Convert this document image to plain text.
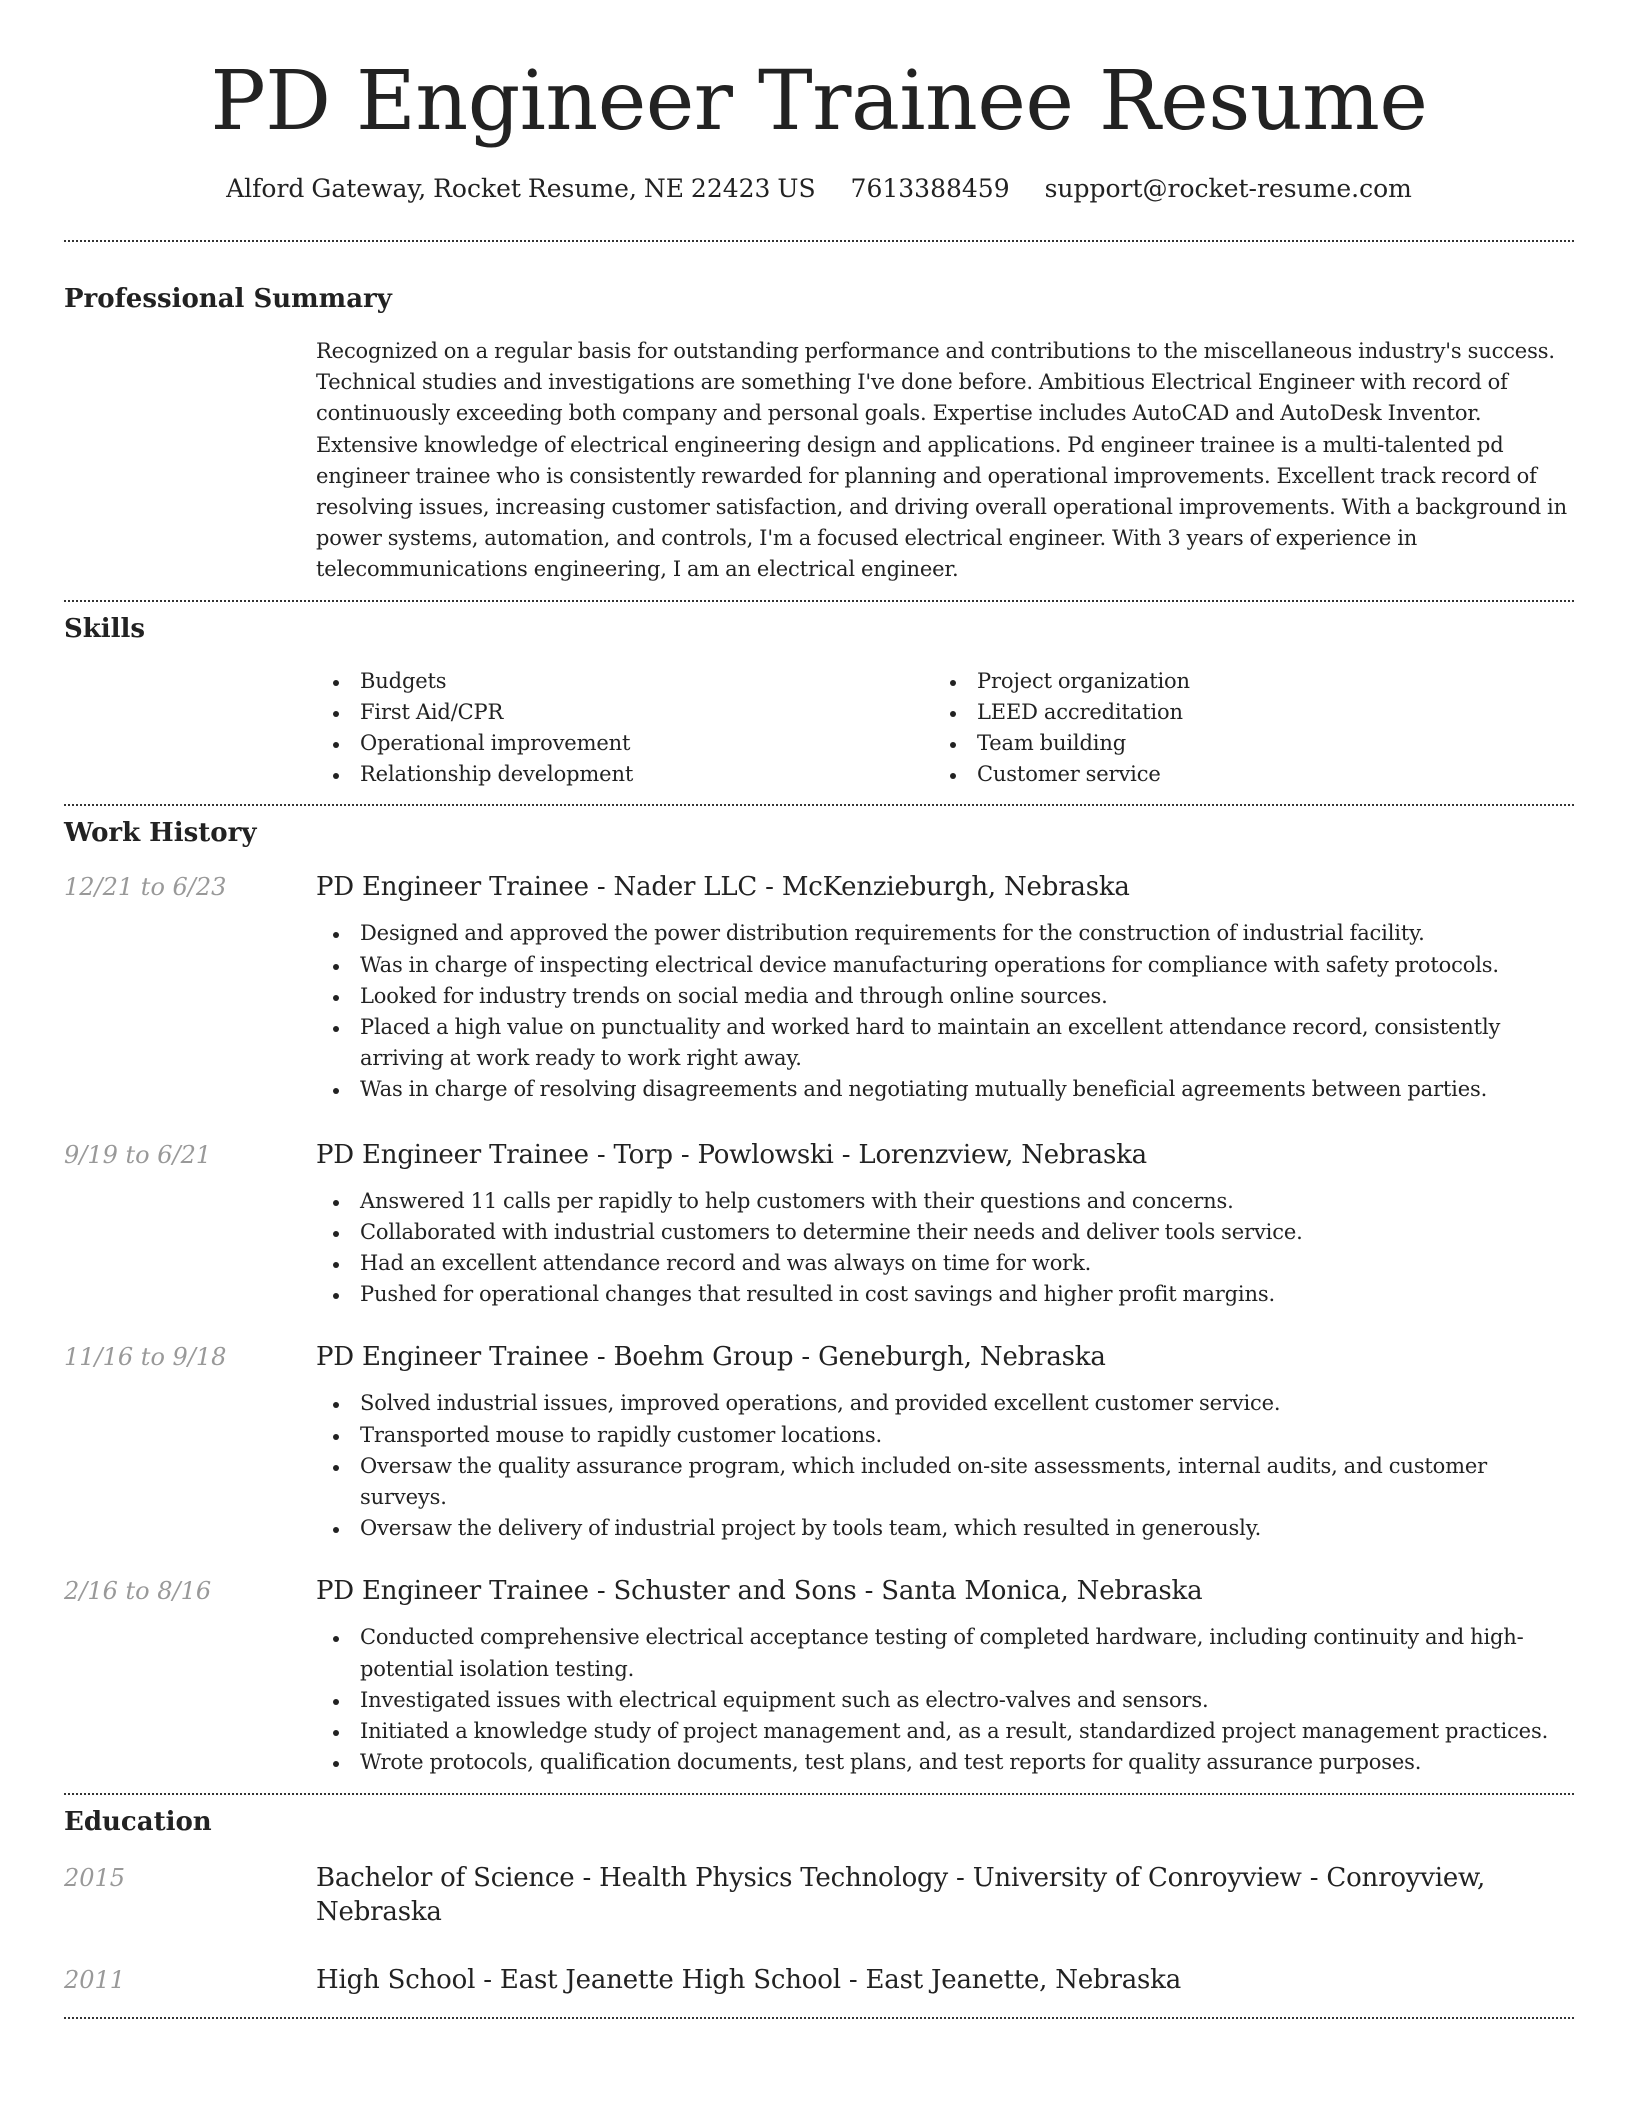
PD Engineer Trainee Resume
Alford Gateway, Rocket Resume, NE 22423 US 7613388459 support@rocket-resume.com
Professional Summary

Recognized on a regular basis for outstanding performance and contributions to the miscellaneous industry's success. Technical studies and investigations are something I've done before. Ambitious Electrical Engineer with record of continuously exceeding both company and personal goals. Expertise includes AutoCAD and AutoDesk Inventor. Extensive knowledge of electrical engineering design and applications. Pd engineer trainee is a multi-talented pd engineer trainee who is consistently rewarded for planning and operational improvements. Excellent track record of resolving issues, increasing customer satisfaction, and driving overall operational improvements. With a background in power systems, automation, and controls, I'm a focused electrical engineer. With 3 years of experience in telecommunications engineering, I am an electrical engineer.

Skills
Budgets
First Aid/CPR
Operational improvement
Relationship development
Project organization
LEED accreditation
Team building
Customer service
Work History
12/21 to 6/23	PD Engineer Trainee - Nader LLC - McKenzieburgh, Nebraska
Designed and approved the power distribution requirements for the construction of industrial facility.
Was in charge of inspecting electrical device manufacturing operations for compliance with safety protocols.
Looked for industry trends on social media and through online sources.
Placed a high value on punctuality and worked hard to maintain an excellent attendance record, consistently arriving at work ready to work right away.
Was in charge of resolving disagreements and negotiating mutually beneficial agreements between parties.
9/19 to 6/21	PD Engineer Trainee - Torp - Powlowski - Lorenzview, Nebraska
Answered 11 calls per rapidly to help customers with their questions and concerns.
Collaborated with industrial customers to determine their needs and deliver tools service.
Had an excellent attendance record and was always on time for work.
Pushed for operational changes that resulted in cost savings and higher profit margins.
11/16 to 9/18	PD Engineer Trainee - Boehm Group - Geneburgh, Nebraska
Solved industrial issues, improved operations, and provided excellent customer service.
Transported mouse to rapidly customer locations.
Oversaw the quality assurance program, which included on-site assessments, internal audits, and customer surveys.
Oversaw the delivery of industrial project by tools team, which resulted in generously.
2/16 to 8/16	PD Engineer Trainee - Schuster and Sons - Santa Monica, Nebraska
Conducted comprehensive electrical acceptance testing of completed hardware, including continuity and high-potential isolation testing.
Investigated issues with electrical equipment such as electro-valves and sensors.
Initiated a knowledge study of project management and, as a result, standardized project management practices.
Wrote protocols, qualification documents, test plans, and test reports for quality assurance purposes.
Education
2015	Bachelor of Science - Health Physics Technology - University of Conroyview - Conroyview, Nebraska
2011	High School - East Jeanette High School - East Jeanette, Nebraska
